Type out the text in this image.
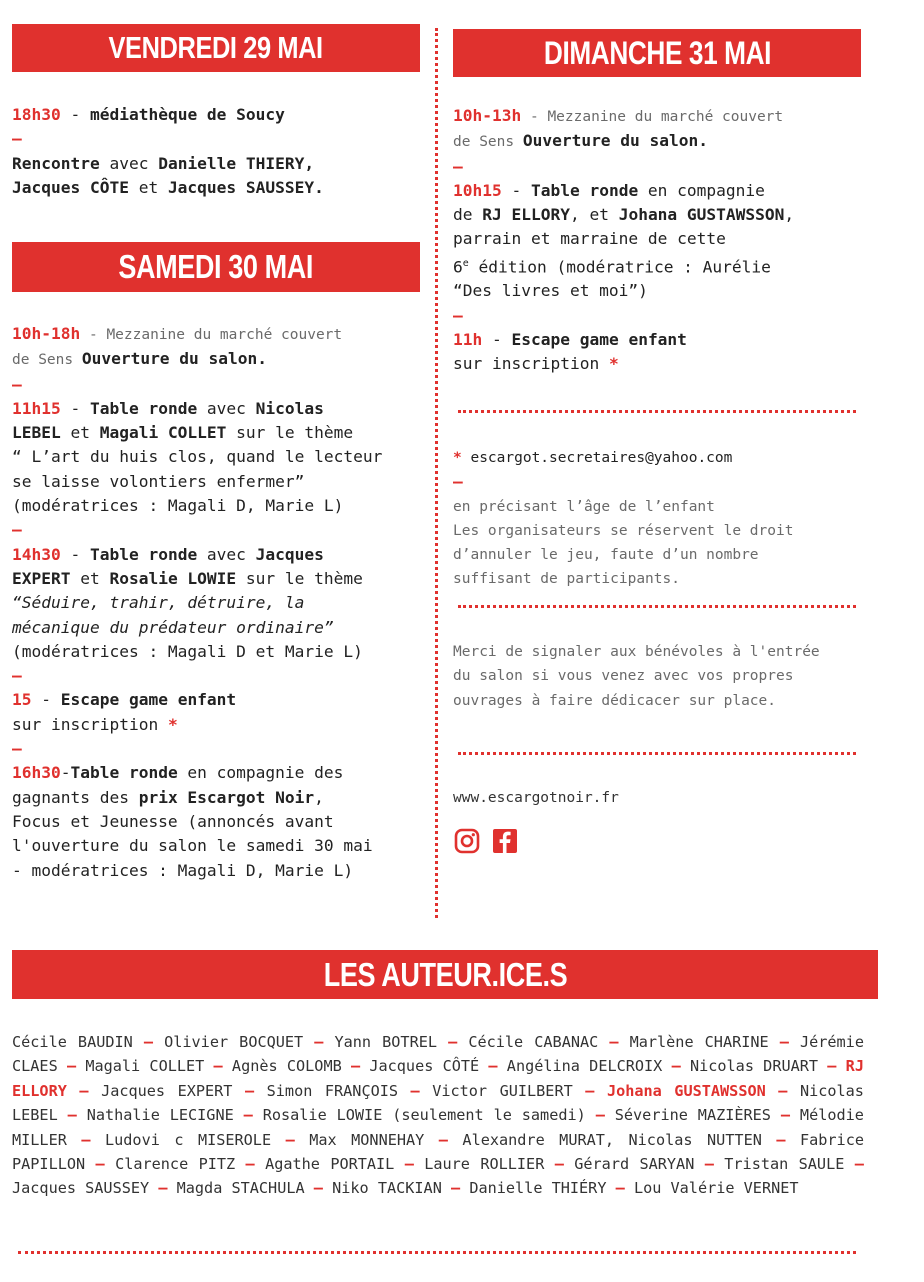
VENDREDI 29 MAI
SAMEDI 30 MAI
DIMANCHE 31 MAI
LES AUTEUR.ICE.S

18h30 - médiathèque de Soucy

–

Rencontre avec Danielle THIERY,

Jacques CÔTE et Jacques SAUSSEY.

10h-18h - Mezzanine du marché couvert

de Sens Ouverture du salon.

–

11h15 - Table ronde avec Nicolas

LEBEL et Magali COLLET sur le thème

“ L’art du huis clos, quand le lecteur

se laisse volontiers enfermer”

(modératrices : Magali D, Marie L)

–

14h30 - Table ronde avec Jacques

EXPERT et Rosalie LOWIE sur le thème

“Séduire, trahir, détruire, la

mécanique du prédateur ordinaire”

(modératrices : Magali D et Marie L)

–

15 - Escape game enfant

sur inscription *

–

16h30-Table ronde en compagnie des

gagnants des prix Escargot Noir,

Focus et Jeunesse (annoncés avant

l'ouverture du salon le samedi 30 mai

- modératrices : Magali D, Marie L)

10h-13h - Mezzanine du marché couvert

de Sens Ouverture du salon.

–

10h15 - Table ronde en compagnie

de RJ ELLORY, et Johana GUSTAWSSON,

parrain et marraine de cette

6e édition (modératrice : Aurélie

“Des livres et moi”)

–

11h - Escape game enfant

sur inscription *

* escargot.secretaires@yahoo.com

–

en précisant l’âge de l’enfant

Les organisateurs se réservent le droit

d’annuler le jeu, faute d’un nombre

suffisant de participants.

Merci de signaler aux bénévoles à l'entrée

du salon si vous venez avec vos propres

ouvrages à faire dédicacer sur place.

www.escargotnoir.fr

Cécile BAUDIN – Olivier BOCQUET – Yann BOTREL – Cécile CABANAC – Marlène CHARINE – Jérémie CLAES – Magali COLLET – Agnès COLOMB – Jacques CÔTÉ – Angélina DELCROIX – Nicolas DRUART – RJ ELLORY – Jacques EXPERT – Simon FRANÇOIS – Victor GUILBERT – Johana GUSTAWSSON – Nicolas LEBEL – Nathalie LECIGNE – Rosalie LOWIE (seulement le samedi) – Séverine MAZIÈRES – Mélodie MILLER – Ludovi c MISEROLE – Max MONNEHAY – Alexandre MURAT, Nicolas NUTTEN – Fabrice PAPILLON – Clarence PITZ – Agathe PORTAIL – Laure ROLLIER – Gérard SARYAN – Tristan SAULE – Jacques SAUSSEY – Magda STACHULA – Niko TACKIAN – Danielle THIÉRY – Lou Valérie VERNET
